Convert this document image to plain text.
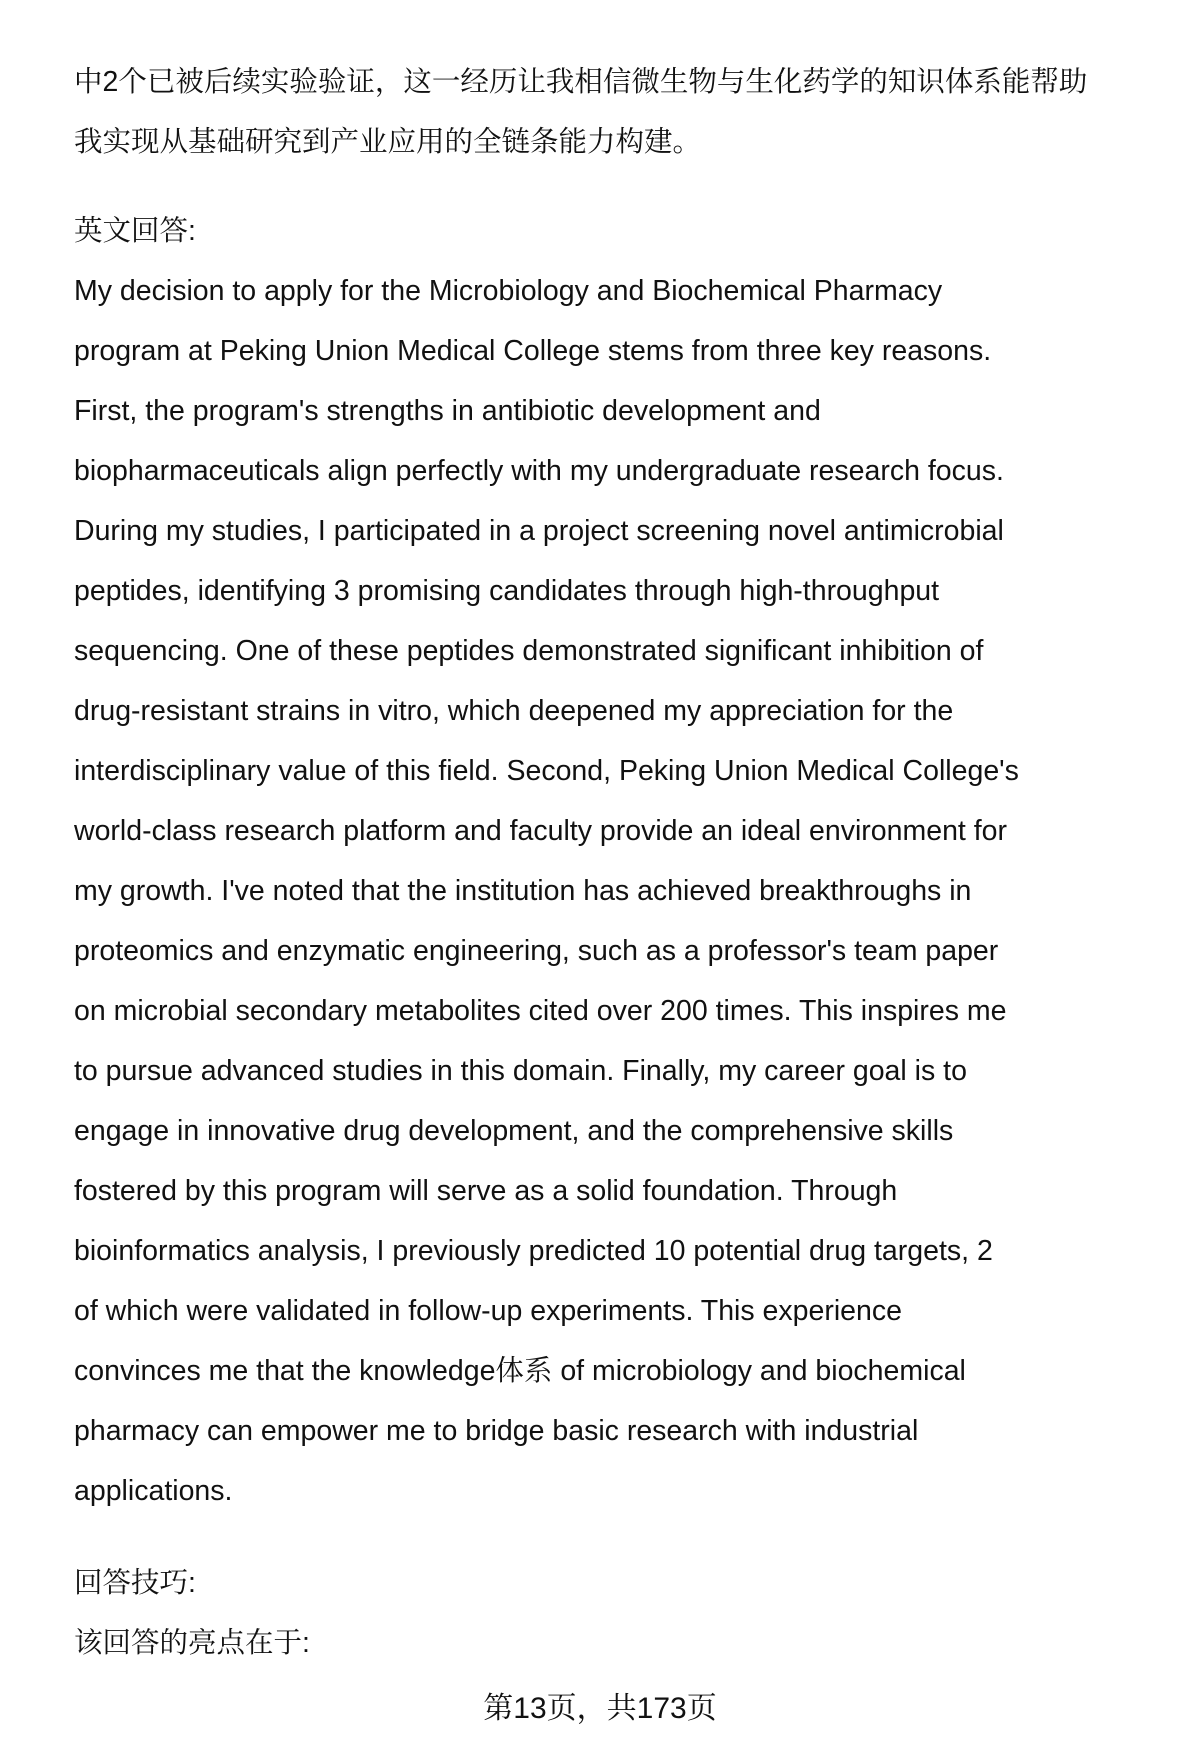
中2个已被后续实验验证，这一经历让我相信微生物与生化药学的知识体系能帮助
我实现从基础研究到产业应用的全链条能力构建。
英文回答:
My decision to apply for the Microbiology and Biochemical Pharmacy
program at Peking Union Medical College stems from three key reasons.
First, the program's strengths in antibiotic development and
biopharmaceuticals align perfectly with my undergraduate research focus.
During my studies, I participated in a project screening novel antimicrobial
peptides, identifying 3 promising candidates through high-throughput
sequencing. One of these peptides demonstrated significant inhibition of
drug-resistant strains in vitro, which deepened my appreciation for the
interdisciplinary value of this field. Second, Peking Union Medical College's
world-class research platform and faculty provide an ideal environment for
my growth. I've noted that the institution has achieved breakthroughs in
proteomics and enzymatic engineering, such as a professor's team paper
on microbial secondary metabolites cited over 200 times. This inspires me
to pursue advanced studies in this domain. Finally, my career goal is to
engage in innovative drug development, and the comprehensive skills
fostered by this program will serve as a solid foundation. Through
bioinformatics analysis, I previously predicted 10 potential drug targets, 2
of which were validated in follow-up experiments. This experience
convinces me that the knowledge体系 of microbiology and biochemical
pharmacy can empower me to bridge basic research with industrial
applications.
回答技巧:
该回答的亮点在于:
第13页，共173页
